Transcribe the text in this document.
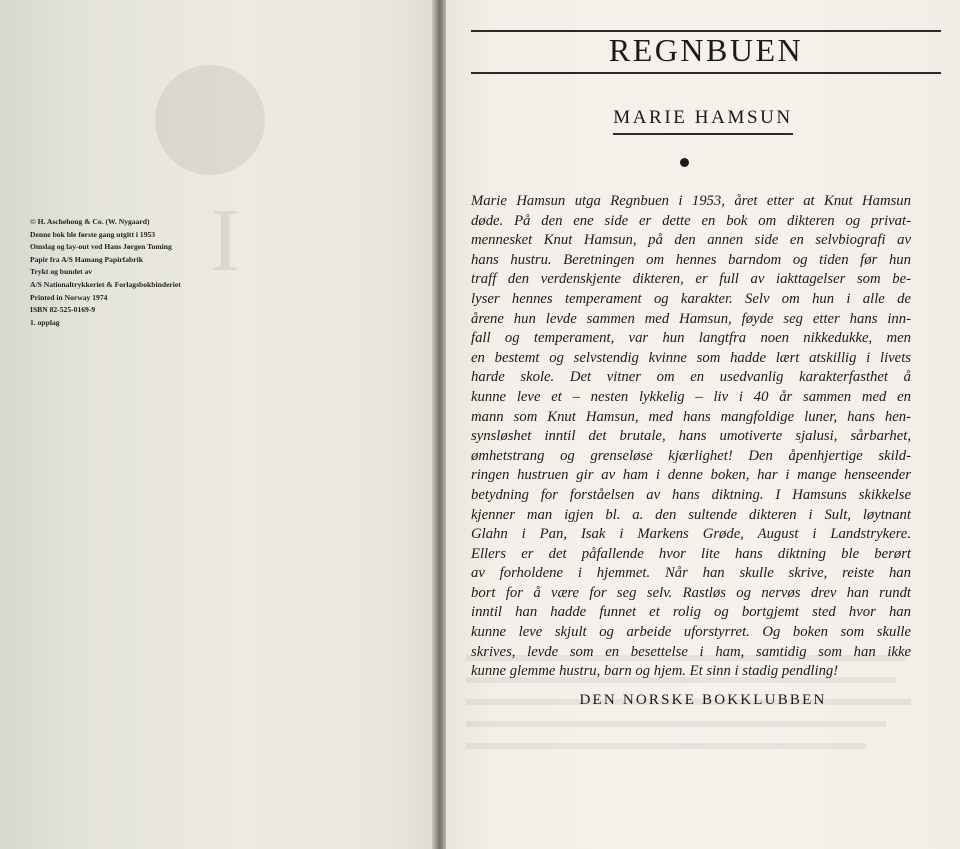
R
I
© H. Aschehoug & Co. (W. Nygaard)
Denne bok ble første gang utgitt i 1953
Omslag og lay-out ved Hans Jørgen Toming
Papir fra A/S Hamang Papirfabrik
Trykt og bundet av
A/S Nationaltrykkeriet & Forlagsbokbinderiet
Printed in Norway 1974
ISBN 82-525-0169-9
1. opplag
REGNBUEN
MARIE HAMSUN
Marie Hamsun utga Regnbuen i 1953, året etter at Knut Hamsun
døde. På den ene side er dette en bok om dikteren og privat-
mennesket Knut Hamsun, på den annen side en selvbiografi av
hans hustru. Beretningen om hennes barndom og tiden før hun
traff den verdenskjente dikteren, er full av iakttagelser som be-
lyser hennes temperament og karakter. Selv om hun i alle de
årene hun levde sammen med Hamsun, føyde seg etter hans inn-
fall og temperament, var hun langtfra noen nikkedukke, men
en bestemt og selvstendig kvinne som hadde lært atskillig i livets
harde skole. Det vitner om en usedvanlig karakterfasthet å
kunne leve et – nesten lykkelig – liv i 40 år sammen med en
mann som Knut Hamsun, med hans mangfoldige luner, hans hen-
synsløshet inntil det brutale, hans umotiverte sjalusi, sårbarhet,
ømhetstrang og grenseløse kjærlighet! Den åpenhjertige skild-
ringen hustruen gir av ham i denne boken, har i mange henseender
betydning for forståelsen av hans diktning. I Hamsuns skikkelse
kjenner man igjen bl. a. den sultende dikteren i Sult, løytnant
Glahn i Pan, Isak i Markens Grøde, August i Landstrykere.
Ellers er det påfallende hvor lite hans diktning ble berørt
av forholdene i hjemmet. Når han skulle skrive, reiste han
bort for å være for seg selv. Rastløs og nervøs drev han rundt
inntil han hadde funnet et rolig og bortgjemt sted hvor han
kunne leve skjult og arbeide uforstyrret. Og boken som skulle
skrives, levde som en besettelse i ham, samtidig som han ikke
kunne glemme hustru, barn og hjem. Et sinn i stadig pendling!
DEN NORSKE BOKKLUBBEN
